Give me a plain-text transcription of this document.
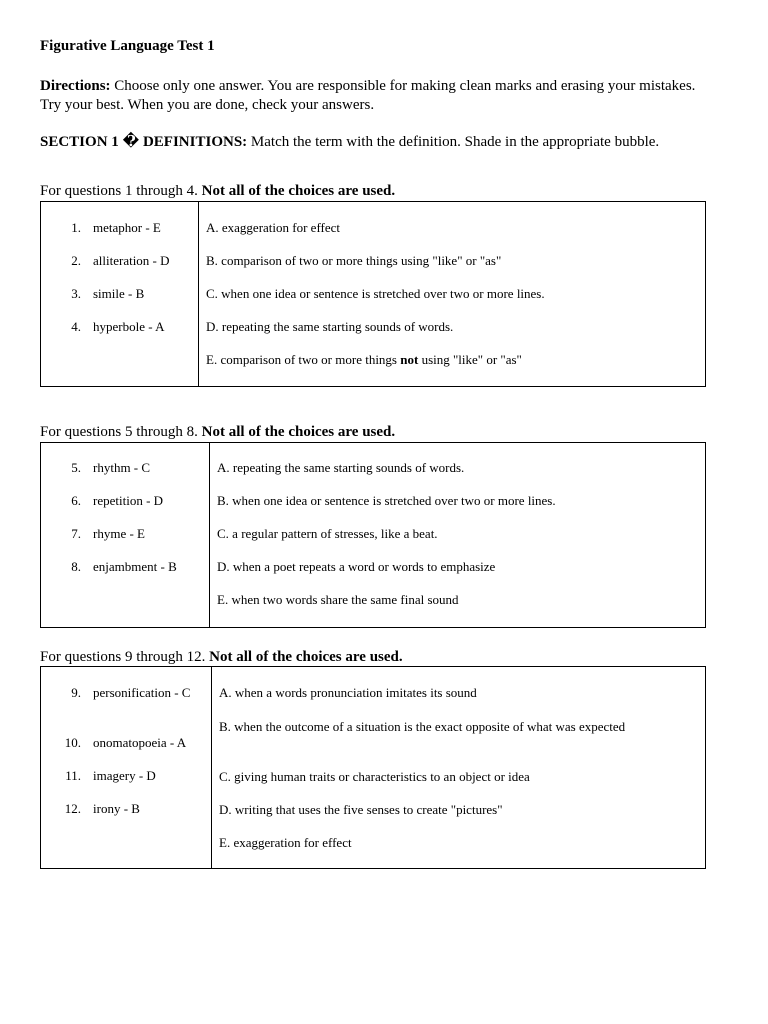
Figurative Language Test 1

Directions: Choose only one answer. You are responsible for making clean marks and erasing your mistakes. Try your best. When you are done, check your answers.

SECTION 1 � DEFINITIONS: Match the term with the definition. Shade in the appropriate bubble.

For questions 1 through 4. Not all of the choices are used.

1. metaphor - E
2. alliteration - D
3. simile - B
4. hyperbole - A

A. exaggeration for effect
B. comparison of two or more things using "like" or "as"
C. when one idea or sentence is stretched over two or more lines.
D. repeating the same starting sounds of words.
E. comparison of two or more things not using "like" or "as"

For questions 5 through 8. Not all of the choices are used.

5. rhythm - C
6. repetition - D
7. rhyme - E
8. enjambment - B

A. repeating the same starting sounds of words.
B. when one idea or sentence is stretched over two or more lines.
C. a regular pattern of stresses, like a beat.
D. when a poet repeats a word or words to emphasize
E. when two words share the same final sound

For questions 9 through 12. Not all of the choices are used.

9. personification - C
10. onomatopoeia - A
11. imagery - D
12. irony - B

A. when a words pronunciation imitates its sound
B. when the outcome of a situation is the exact opposite of what was expected
C. giving human traits or characteristics to an object or idea
D. writing that uses the five senses to create "pictures"
E. exaggeration for effect
